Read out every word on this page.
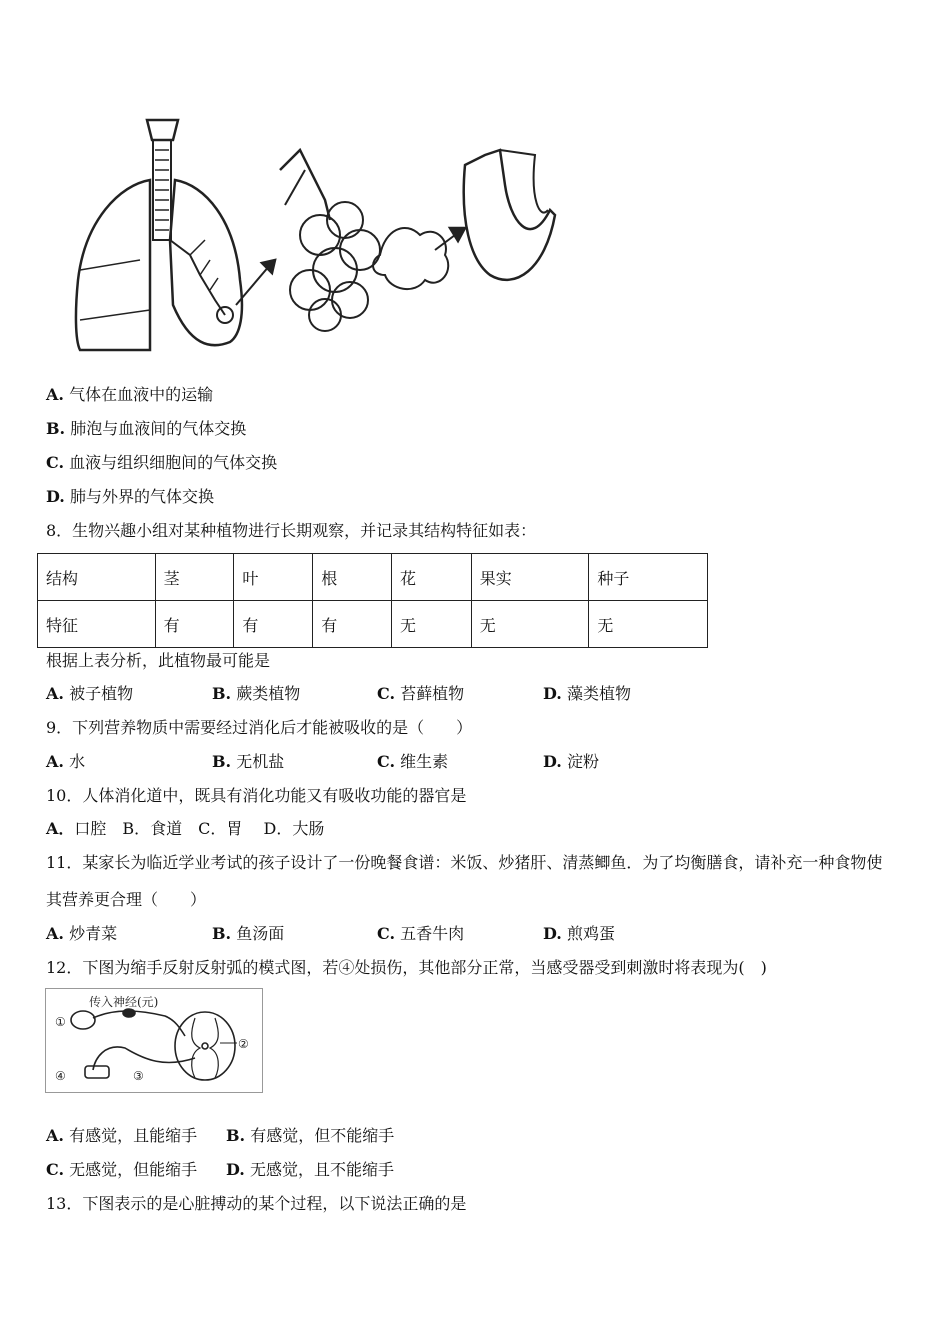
A. 气体在血液中的运输
B. 肺泡与血液间的气体交换
C. 血液与组织细胞间的气体交换
D. 肺与外界的气体交换
8．生物兴趣小组对某种植物进行长期观察，并记录其结构特征如表：
结构	茎	叶	根	花	果实	种子
特征	有	有	有	无	无	无
根据上表分析，此植物最可能是
A. 被子植物	B. 蕨类植物	C. 苔藓植物	D. 藻类植物
9．下列营养物质中需要经过消化后才能被吸收的是（　　）
A. 水	B. 无机盐	C. 维生素	D. 淀粉
10．人体消化道中，既具有消化功能又有吸收功能的器官是
A．口腔　B．食道　C．胃　 D．大肠
11．某家长为临近学业考试的孩子设计了一份晚餐食谱：米饭、炒猪肝、清蒸鲫鱼．为了均衡膳食，请补充一种食物使
其营养更合理（　　）
A. 炒青菜	B. 鱼汤面	C. 五香牛肉	D. 煎鸡蛋
12．下图为缩手反射反射弧的模式图，若④处损伤，其他部分正常，当感受器受到刺激时将表现为(　)
传入神经(元)
①
②
③
④
A. 有感觉，且能缩手 B. 有感觉，但不能缩手
C. 无感觉，但能缩手 D. 无感觉，且不能缩手
13．下图表示的是心脏搏动的某个过程，以下说法正确的是
